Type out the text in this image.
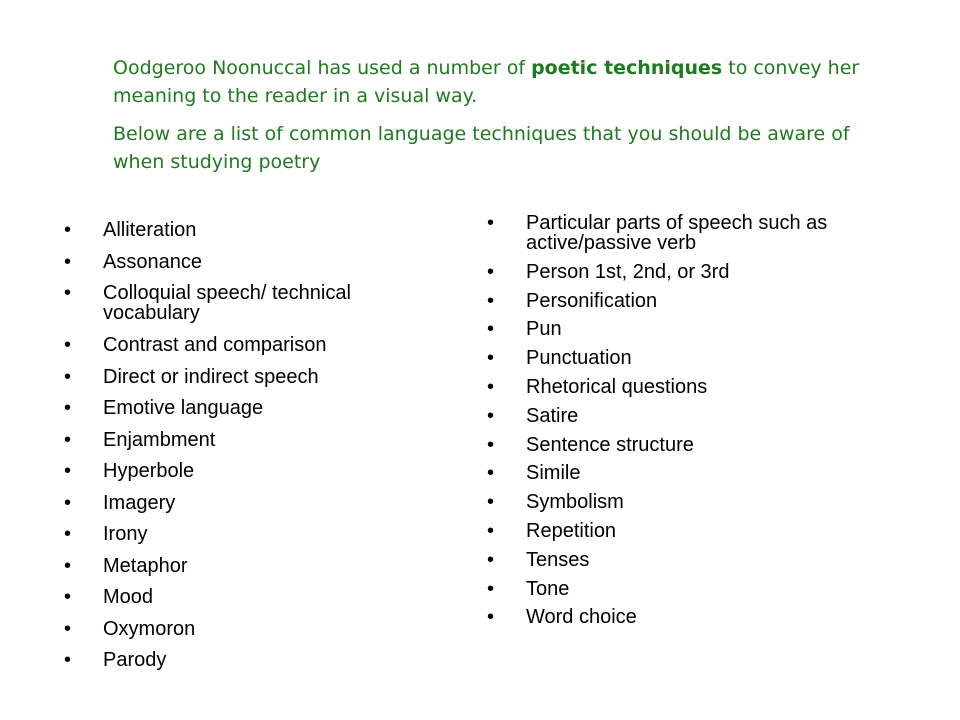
Oodgeroo Noonuccal has used a number of poetic techniques to convey her meaning to the reader in a visual way.

Below are a list of common language techniques that you should be aware of when studying poetry

• Alliteration
• Assonance
• Colloquial speech/ technical vocabulary
• Contrast and comparison
• Direct or indirect speech
• Emotive language
• Enjambment
• Hyperbole
• Imagery
• Irony
• Metaphor
• Mood
• Oxymoron
• Parody
• Particular parts of speech such as active/passive verb
• Person 1st, 2nd, or 3rd
• Personification
• Pun
• Punctuation
• Rhetorical questions
• Satire
• Sentence structure
• Simile
• Symbolism
• Repetition
• Tenses
• Tone
• Word choice
